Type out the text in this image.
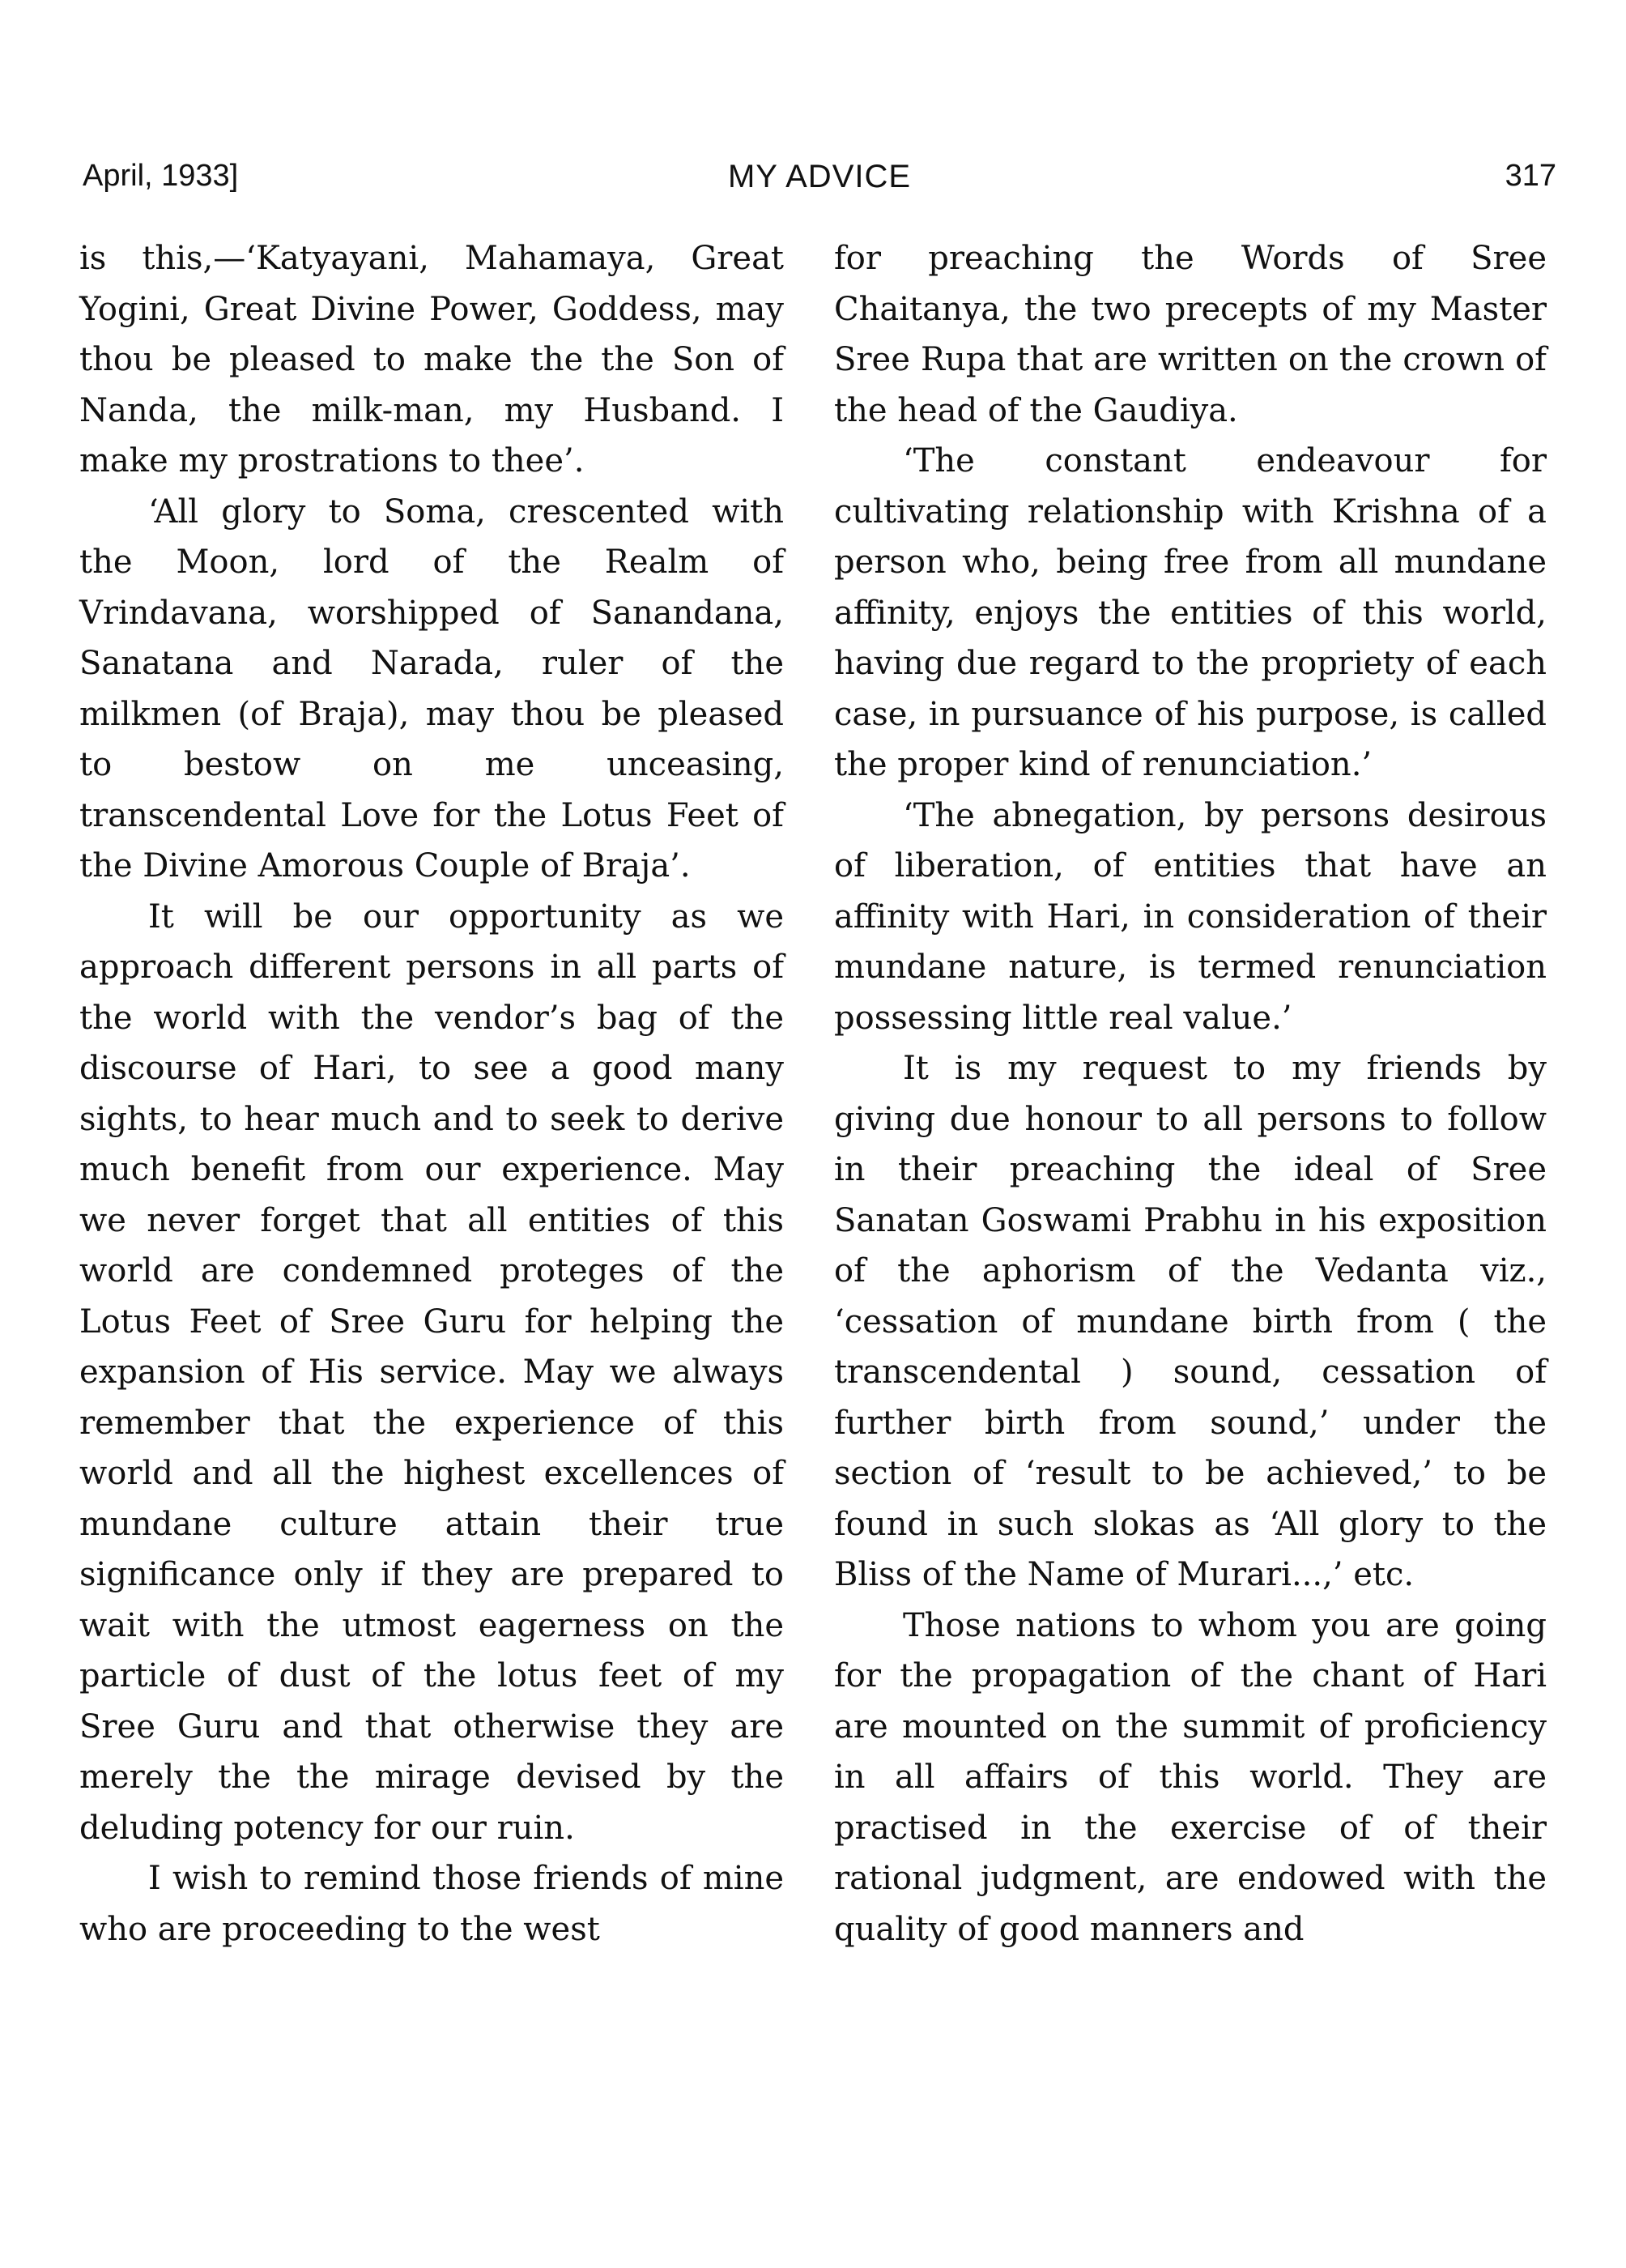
April, 1933]	MY ADVICE	317

is this,—‘Katyayani, Mahamaya, Great Yogini, Great Divine Power, Goddess, may thou be pleased to make the the Son of Nanda, the milk-man, my Husband. I make my prostrations to thee’.

‘All glory to Soma, crescented with the Moon, lord of the Realm of Vrindavana, worshipped of Sanandana, Sanatana and Narada, ruler of the milkmen (of Braja), may thou be pleased to bestow on me unceasing, transcendental Love for the Lotus Feet of the Divine Amorous Couple of Braja’.

It will be our opportunity as we approach different persons in all parts of the world with the vendor’s bag of the discourse of Hari, to see a good many sights, to hear much and to seek to derive much benefit from our experience. May we never forget that all entities of this world are condemned proteges of the Lotus Feet of Sree Guru for helping the expansion of His service. May we always remember that the experience of this world and all the highest excellences of mundane culture attain their true significance only if they are prepared to wait with the utmost eagerness on the particle of dust of the lotus feet of my Sree Guru and that otherwise they are merely the the mirage devised by the deluding potency for our ruin.

I wish to remind those friends of mine who are proceeding to the west

for preaching the Words of Sree Chaitanya, the two precepts of my Master Sree Rupa that are written on the crown of the head of the Gaudiya.

‘The constant endeavour for cultivating relationship with Krishna of a person who, being free from all mundane affinity, enjoys the entities of this world, having due regard to the propriety of each case, in pursuance of his purpose, is called the proper kind of renunciation.’

‘The abnegation, by persons desirous of liberation, of entities that have an affinity with Hari, in consideration of their mundane nature, is termed renunciation possessing little real value.’

It is my request to my friends by giving due honour to all persons to follow in their preaching the ideal of Sree Sanatan Goswami Prabhu in his exposition of the aphorism of the Vedanta viz., ‘cessation of mundane birth from ( the transcendental ) sound, cessation of further birth from sound,’ under the section of ‘result to be achieved,’ to be found in such slokas as ‘All glory to the Bliss of the Name of Murari...,’ etc.

Those nations to whom you are going for the propagation of the chant of Hari are mounted on the summit of proficiency in all affairs of this world. They are practised in the exercise of of their rational judgment, are endowed with the quality of good manners and
